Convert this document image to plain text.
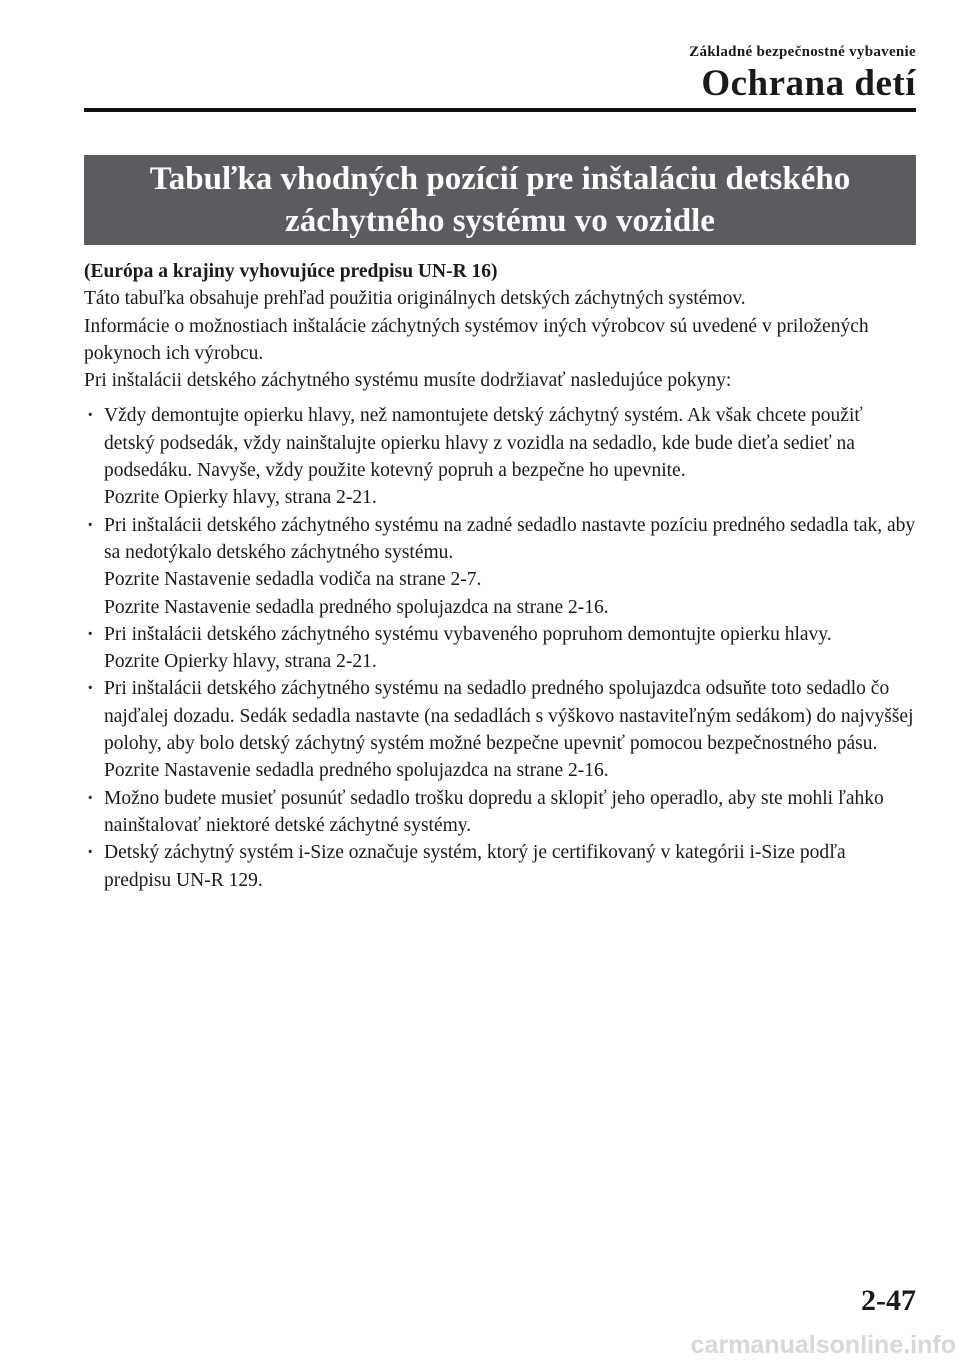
Základné bezpečnostné vybavenie
Ochrana detí
Tabuľka vhodných pozícií pre inštaláciu detského záchytného systému vo vozidle

(Európa a krajiny vyhovujúce predpisu UN-R 16)

Táto tabuľka obsahuje prehľad použitia originálnych detských záchytných systémov.

Informácie o možnostiach inštalácie záchytných systémov iných výrobcov sú uvedené v priložených pokynoch ich výrobcu.

Pri inštalácii detského záchytného systému musíte dodržiavať nasledujúce pokyny:

· Vždy demontujte opierku hlavy, než namontujete detský záchytný systém. Ak však chcete použiť detský podsedák, vždy nainštalujte opierku hlavy z vozidla na sedadlo, kde bude dieťa sedieť na podsedáku. Navyše, vždy použite kotevný popruh a bezpečne ho upevnite.
Pozrite Opierky hlavy, strana 2-21.
· Pri inštalácii detského záchytného systému na zadné sedadlo nastavte pozíciu predného sedadla tak, aby sa nedotýkalo detského záchytného systému.
Pozrite Nastavenie sedadla vodiča na strane 2-7.
Pozrite Nastavenie sedadla predného spolujazdca na strane 2-16.
· Pri inštalácii detského záchytného systému vybaveného popruhom demontujte opierku hlavy.
Pozrite Opierky hlavy, strana 2-21.
· Pri inštalácii detského záchytného systému na sedadlo predného spolujazdca odsuňte toto sedadlo čo najďalej dozadu. Sedák sedadla nastavte (na sedadlách s výškovo nastaviteľným sedákom) do najvyššej polohy, aby bolo detský záchytný systém možné bezpečne upevniť pomocou bezpečnostného pásu.
Pozrite Nastavenie sedadla predného spolujazdca na strane 2-16.
· Možno budete musieť posunúť sedadlo trošku dopredu a sklopiť jeho operadlo, aby ste mohli ľahko nainštalovať niektoré detské záchytné systémy.
· Detský záchytný systém i-Size označuje systém, ktorý je certifikovaný v kategórii i-Size podľa predpisu UN-R 129.
2-47
carmanualsonline.info
